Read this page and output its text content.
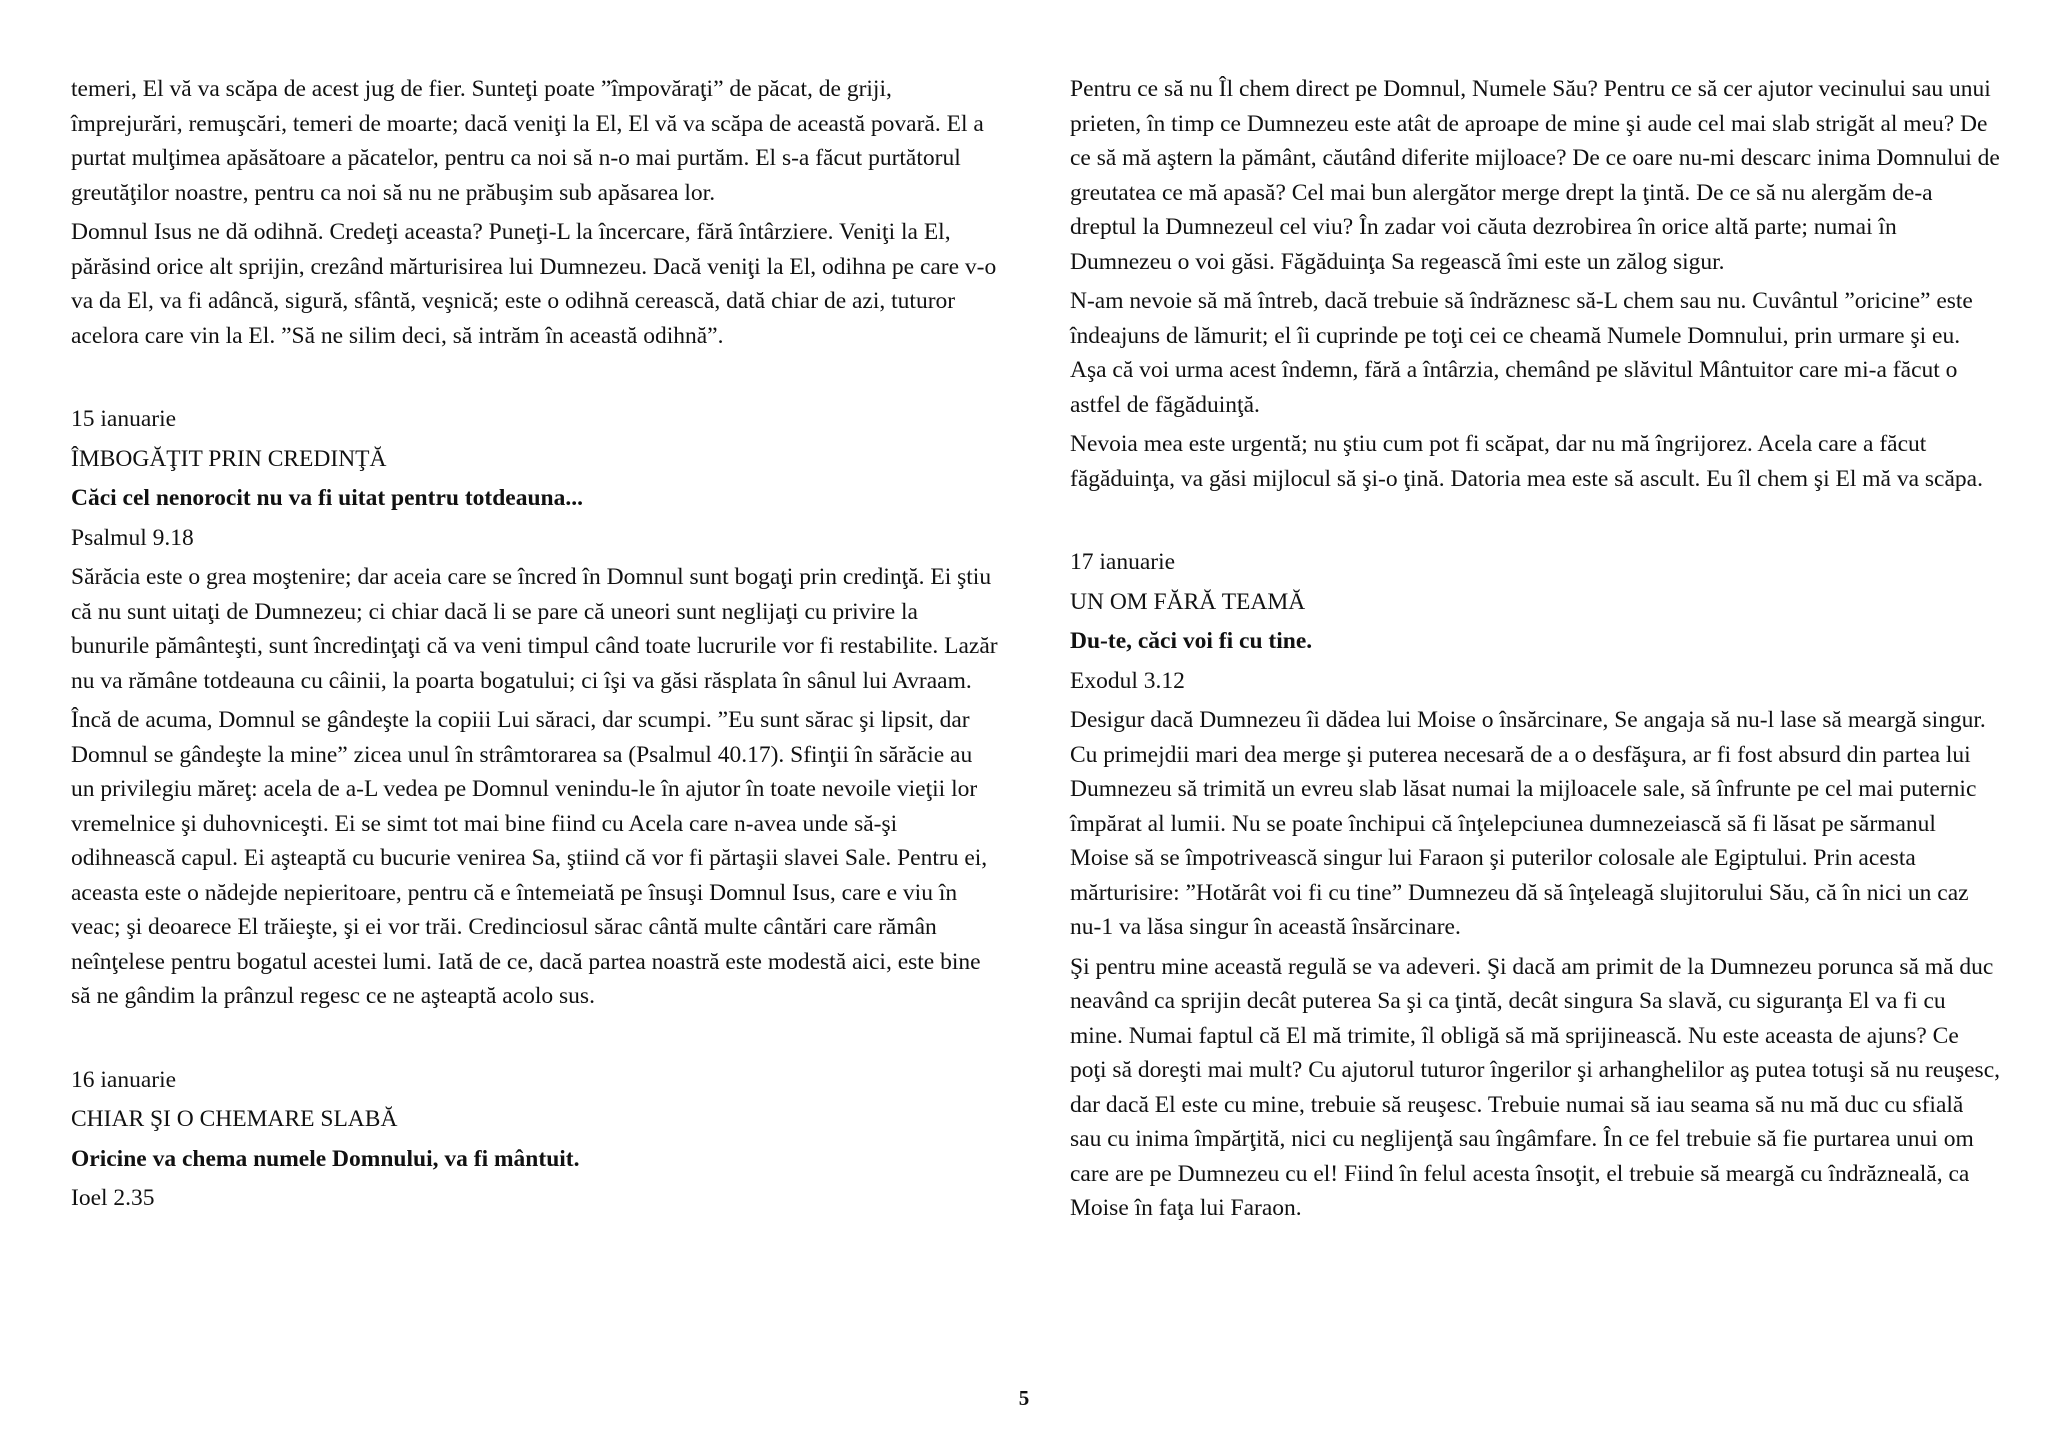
temeri, El vă va scăpa de acest jug de fier. Sunteţi poate ”împovăraţi” de păcat, de griji, împrejurări, remuşcări, temeri de moarte; dacă veniţi la El, El vă va scăpa de această povară. El a purtat mulţimea apăsătoare a păcatelor, pentru ca noi să n-o mai purtăm. El s-a făcut purtătorul greutăţilor noastre, pentru ca noi să nu ne prăbuşim sub apăsarea lor.

Domnul Isus ne dă odihnă. Credeţi aceasta? Puneţi-L la încercare, fără întârziere. Veniţi la El, părăsind orice alt sprijin, crezând mărturisirea lui Dumnezeu. Dacă veniţi la El, odihna pe care v-o va da El, va fi adâncă, sigură, sfântă, veşnică; este o odihnă cerească, dată chiar de azi, tuturor acelora care vin la El. ”Să ne silim deci, să intrăm în această odihnă”.

15 ianuarie

ÎMBOGĂŢIT PRIN CREDINŢĂ

Căci cel nenorocit nu va fi uitat pentru totdeauna...

Psalmul 9.18

Sărăcia este o grea moştenire; dar aceia care se încred în Domnul sunt bogaţi prin credinţă. Ei ştiu că nu sunt uitaţi de Dumnezeu; ci chiar dacă li se pare că uneori sunt neglijaţi cu privire la bunurile pământeşti, sunt încredinţaţi că va veni timpul când toate lucrurile vor fi restabilite. Lazăr nu va rămâne totdeauna cu câinii, la poarta bogatului; ci îşi va găsi răsplata în sânul lui Avraam.

Încă de acuma, Domnul se gândeşte la copiii Lui săraci, dar scumpi. ”Eu sunt sărac şi lipsit, dar Domnul se gândeşte la mine” zicea unul în strâmtorarea sa (Psalmul 40.17). Sfinţii în sărăcie au un privilegiu măreţ: acela de a-L vedea pe Domnul venindu-le în ajutor în toate nevoile vieţii lor vremelnice şi duhovniceşti. Ei se simt tot mai bine fiind cu Acela care n-avea unde să-şi odihnească capul. Ei aşteaptă cu bucurie venirea Sa, ştiind că vor fi părtaşii slavei Sale. Pentru ei, aceasta este o nădejde nepieritoare, pentru că e întemeiată pe însuşi Domnul Isus, care e viu în veac; şi deoarece El trăieşte, şi ei vor trăi. Credinciosul sărac cântă multe cântări care rămân neînţelese pentru bogatul acestei lumi. Iată de ce, dacă partea noastră este modestă aici, este bine să ne gândim la prânzul regesc ce ne aşteaptă acolo sus.

16 ianuarie

CHIAR ŞI O CHEMARE SLABĂ

Oricine va chema numele Domnului, va fi mântuit.

Ioel 2.35

Pentru ce să nu Îl chem direct pe Domnul, Numele Său? Pentru ce să cer ajutor vecinului sau unui prieten, în timp ce Dumnezeu este atât de aproape de mine şi aude cel mai slab strigăt al meu? De ce să mă aştern la pământ, căutând diferite mijloace? De ce oare nu-mi descarc inima Domnului de greutatea ce mă apasă? Cel mai bun alergător merge drept la ţintă. De ce să nu alergăm de-a dreptul la Dumnezeul cel viu? În zadar voi căuta dezrobirea în orice altă parte; numai în Dumnezeu o voi găsi. Făgăduinţa Sa regească îmi este un zălog sigur.

N-am nevoie să mă întreb, dacă trebuie să îndrăznesc să-L chem sau nu. Cuvântul ”oricine” este îndeajuns de lămurit; el îi cuprinde pe toţi cei ce cheamă Numele Domnului, prin urmare şi eu. Aşa că voi urma acest îndemn, fără a întârzia, chemând pe slăvitul Mântuitor care mi-a făcut o astfel de făgăduinţă.

Nevoia mea este urgentă; nu ştiu cum pot fi scăpat, dar nu mă îngrijorez. Acela care a făcut făgăduinţa, va găsi mijlocul să şi-o ţină. Datoria mea este să ascult. Eu îl chem şi El mă va scăpa.

17 ianuarie

UN OM FĂRĂ TEAMĂ

Du-te, căci voi fi cu tine.

Exodul 3.12

Desigur dacă Dumnezeu îi dădea lui Moise o însărcinare, Se angaja să nu-l lase să meargă singur. Cu primejdii mari dea merge şi puterea necesară de a o desfăşura, ar fi fost absurd din partea lui Dumnezeu să trimită un evreu slab lăsat numai la mijloacele sale, să înfrunte pe cel mai puternic împărat al lumii. Nu se poate închipui că înţelepciunea dumnezeiască să fi lăsat pe sărmanul Moise să se împotrivească singur lui Faraon şi puterilor colosale ale Egiptului. Prin acesta mărturisire: ”Hotărât voi fi cu tine” Dumnezeu dă să înţeleagă slujitorului Său, că în nici un caz nu-1 va lăsa singur în această însărcinare.

Şi pentru mine această regulă se va adeveri. Şi dacă am primit de la Dumnezeu porunca să mă duc neavând ca sprijin decât puterea Sa şi ca ţintă, decât singura Sa slavă, cu siguranţa El va fi cu mine. Numai faptul că El mă trimite, îl obligă să mă sprijinească. Nu este aceasta de ajuns? Ce poţi să doreşti mai mult? Cu ajutorul tuturor îngerilor şi arhanghelilor aş putea totuşi să nu reuşesc, dar dacă El este cu mine, trebuie să reuşesc. Trebuie numai să iau seama să nu mă duc cu sfială sau cu inima împărţită, nici cu neglijenţă sau îngâmfare. În ce fel trebuie să fie purtarea unui om care are pe Dumnezeu cu el! Fiind în felul acesta însoţit, el trebuie să meargă cu îndrăzneală, ca Moise în faţa lui Faraon.

5
